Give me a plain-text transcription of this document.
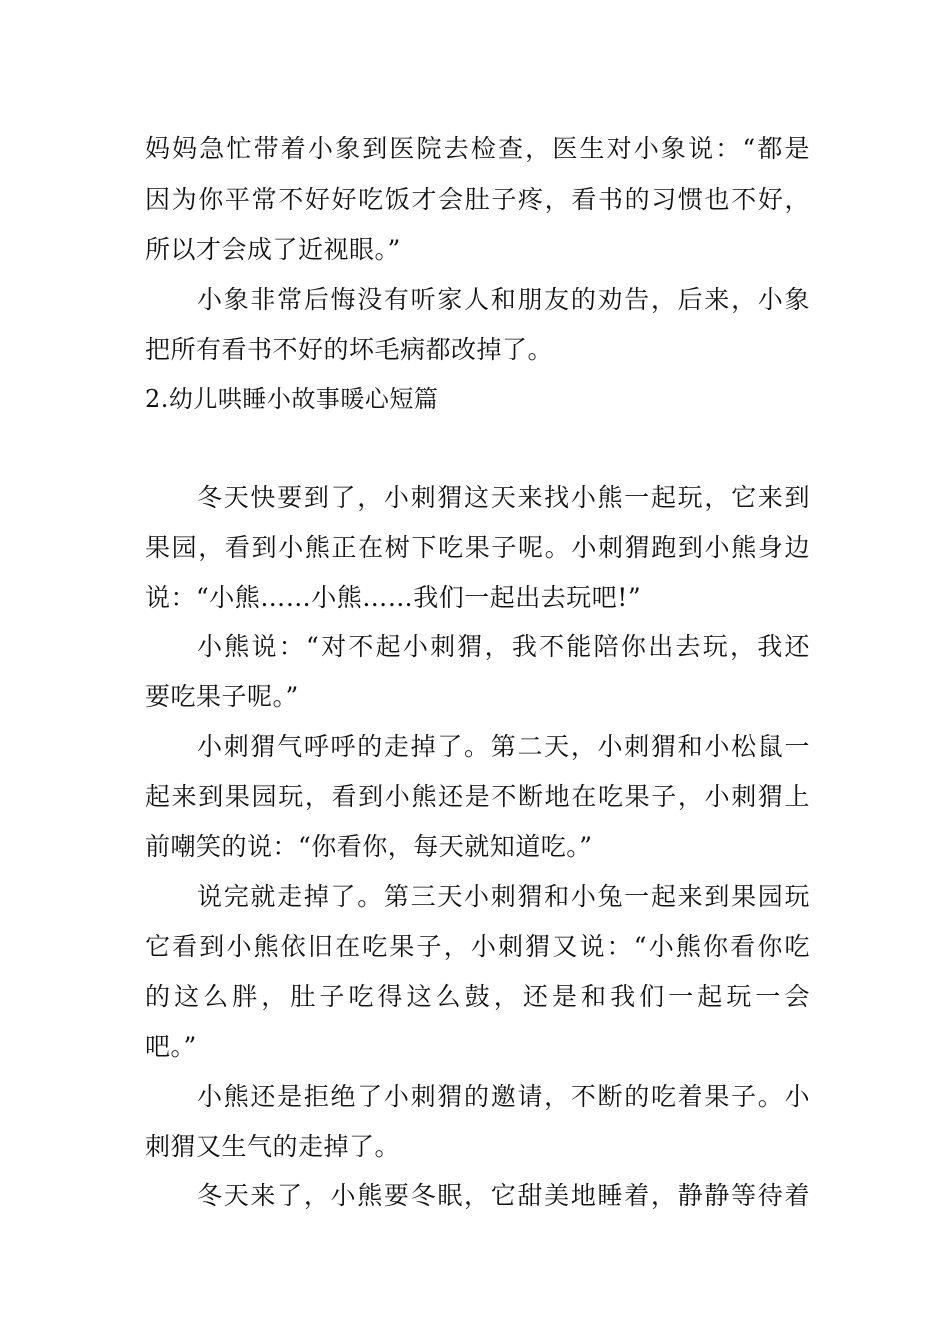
妈妈急忙带着小象到医院去检查，医生对小象说：“都是
因为你平常不好好吃饭才会肚子疼，看书的习惯也不好，
所以才会成了近视眼。”
小象非常后悔没有听家人和朋友的劝告，后来，小象
把所有看书不好的坏毛病都改掉了。
2.幼儿哄睡小故事暖心短篇
冬天快要到了，小刺猬这天来找小熊一起玩，它来到
果园，看到小熊正在树下吃果子呢。小刺猬跑到小熊身边
说：“小熊……小熊……我们一起出去玩吧!”
小熊说：“对不起小刺猬，我不能陪你出去玩，我还
要吃果子呢。”
小刺猬气呼呼的走掉了。第二天，小刺猬和小松鼠一
起来到果园玩，看到小熊还是不断地在吃果子，小刺猬上
前嘲笑的说：“你看你，每天就知道吃。”
说完就走掉了。第三天小刺猬和小兔一起来到果园玩
它看到小熊依旧在吃果子，小刺猬又说：“小熊你看你吃
的这么胖，肚子吃得这么鼓，还是和我们一起玩一会
吧。”
小熊还是拒绝了小刺猬的邀请，不断的吃着果子。小
刺猬又生气的走掉了。
冬天来了，小熊要冬眠，它甜美地睡着，静静等待着
